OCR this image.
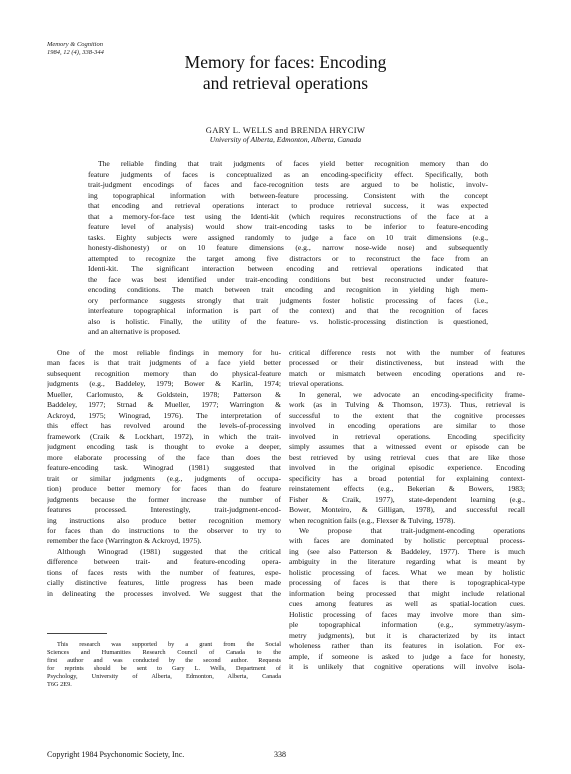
Memory & Cognition
1984, 12 (4), 338-344	Memory for faces: Encoding
and retrieval operations
GARY L. WELLS and BRENDA HRYCIW
University of Alberta, Edmonton, Alberta, Canada
The reliable finding that trait judgments of faces yield better recognition memory than do
feature judgments of faces is conceptualized as an encoding-specificity effect. Specifically, both
trait-judgment encodings of faces and face-recognition tests are argued to be holistic, involv-
ing topographical information with between-feature processing. Consistent with the concept
that encoding and retrieval operations interact to produce retrieval success, it was expected
that a memory-for-face test using the Identi-kit (which requires reconstructions of the face at a
feature level of analysis) would show trait-encoding tasks to be inferior to feature-encoding
tasks. Eighty subjects were assigned randomly to judge a face on 10 trait dimensions (e.g.,
honesty-dishonesty) or on 10 feature dimensions (e.g., narrow nose-wide nose) and subsequently
attempted to recognize the target among five distractors or to reconstruct the face from an
Identi-kit. The significant interaction between encoding and retrieval operations indicated that
the face was best identified under trait-encoding conditions but best reconstructed under feature-
encoding conditions. The match between trait encoding and recognition in yielding high mem-
ory performance suggests strongly that trait judgments foster holistic processing of faces (i.e.,
interfeature topographical information is part of the context) and that the recognition of faces
also is holistic. Finally, the utility of the feature- vs. holistic-processing distinction is questioned,
and an alternative is proposed.
One of the most reliable findings in memory for hu-
man faces is that trait judgments of a face yield better
subsequent recognition memory than do physical-feature
judgments (e.g., Baddeley, 1979; Bower & Karlin, 1974;
Mueller, Carlomusto, & Goldstein, 1978; Patterson &
Baddeley, 1977; Strnad & Mueller, 1977; Warrington &
Ackroyd, 1975; Winograd, 1976). The interpretation of
this effect has revolved around the levels-of-processing
framework (Craik & Lockhart, 1972), in which the trait-
judgment encoding task is thought to evoke a deeper,
more elaborate processing of the face than does the
feature-encoding task. Winograd (1981) suggested that
trait or similar judgments (e.g., judgments of occupa-
tion) produce better memory for faces than do feature
judgments because the former increase the number of
features processed. Interestingly, trait-judgment-encod-
ing instructions also produce better recognition memory
for faces than do instructions to the observer to try to
remember the face (Warrington & Ackroyd, 1975).
Although Winograd (1981) suggested that the critical
difference between trait- and feature-encoding opera-
tions of faces rests with the number of features, espe-
cially distinctive features, little progress has been made
in delineating the processes involved. We suggest that the
critical difference rests not with the number of features
processed or their distinctiveness, but instead with the
match or mismatch between encoding operations and re-
trieval operations.
In general, we advocate an encoding-specificity frame-
work (as in Tulving & Thomson, 1973). Thus, retrieval is
successful to the extent that the cognitive processes
involved in encoding operations are similar to those
involved in retrieval operations. Encoding specificity
simply assumes that a witnessed event or episode can be
best retrieved by using retrieval cues that are like those
involved in the original episodic experience. Encoding
specificity has a broad potential for explaining context-
reinstatement effects (e.g., Bekerian & Bowers, 1983;
Fisher & Craik, 1977), state-dependent learning (e.g.,
Bower, Monteiro, & Gilligan, 1978), and successful recall
when recognition fails (e.g., Flexser & Tulving, 1978).
We propose that trait-judgment-encoding operations
with faces are dominated by holistic perceptual process-
ing (see also Patterson & Baddeley, 1977). There is much
ambiguity in the literature regarding what is meant by
holistic processing of faces. What we mean by holistic
processing of faces is that there is topographical-type
information being processed that might include relational
cues among features as well as spatial-location cues.
Holistic processing of faces may involve more than sim-
ple topographical information (e.g., symmetry/asym-
metry judgments), but it is characterized by its intact
wholeness rather than its features in isolation. For ex-
ample, if someone is asked to judge a face for honesty,
it is unlikely that cognitive operations will involve isola-
This research was supported by a grant from the Social
Sciences and Humanities Research Council of Canada to the
first author and was conducted by the second author. Requests
for reprints should be sent to Gary L. Wells, Department of
Psychology, University of Alberta, Edmonton, Alberta, Canada
T6G 2E9.
Copyright 1984 Psychonomic Society, Inc.	338
